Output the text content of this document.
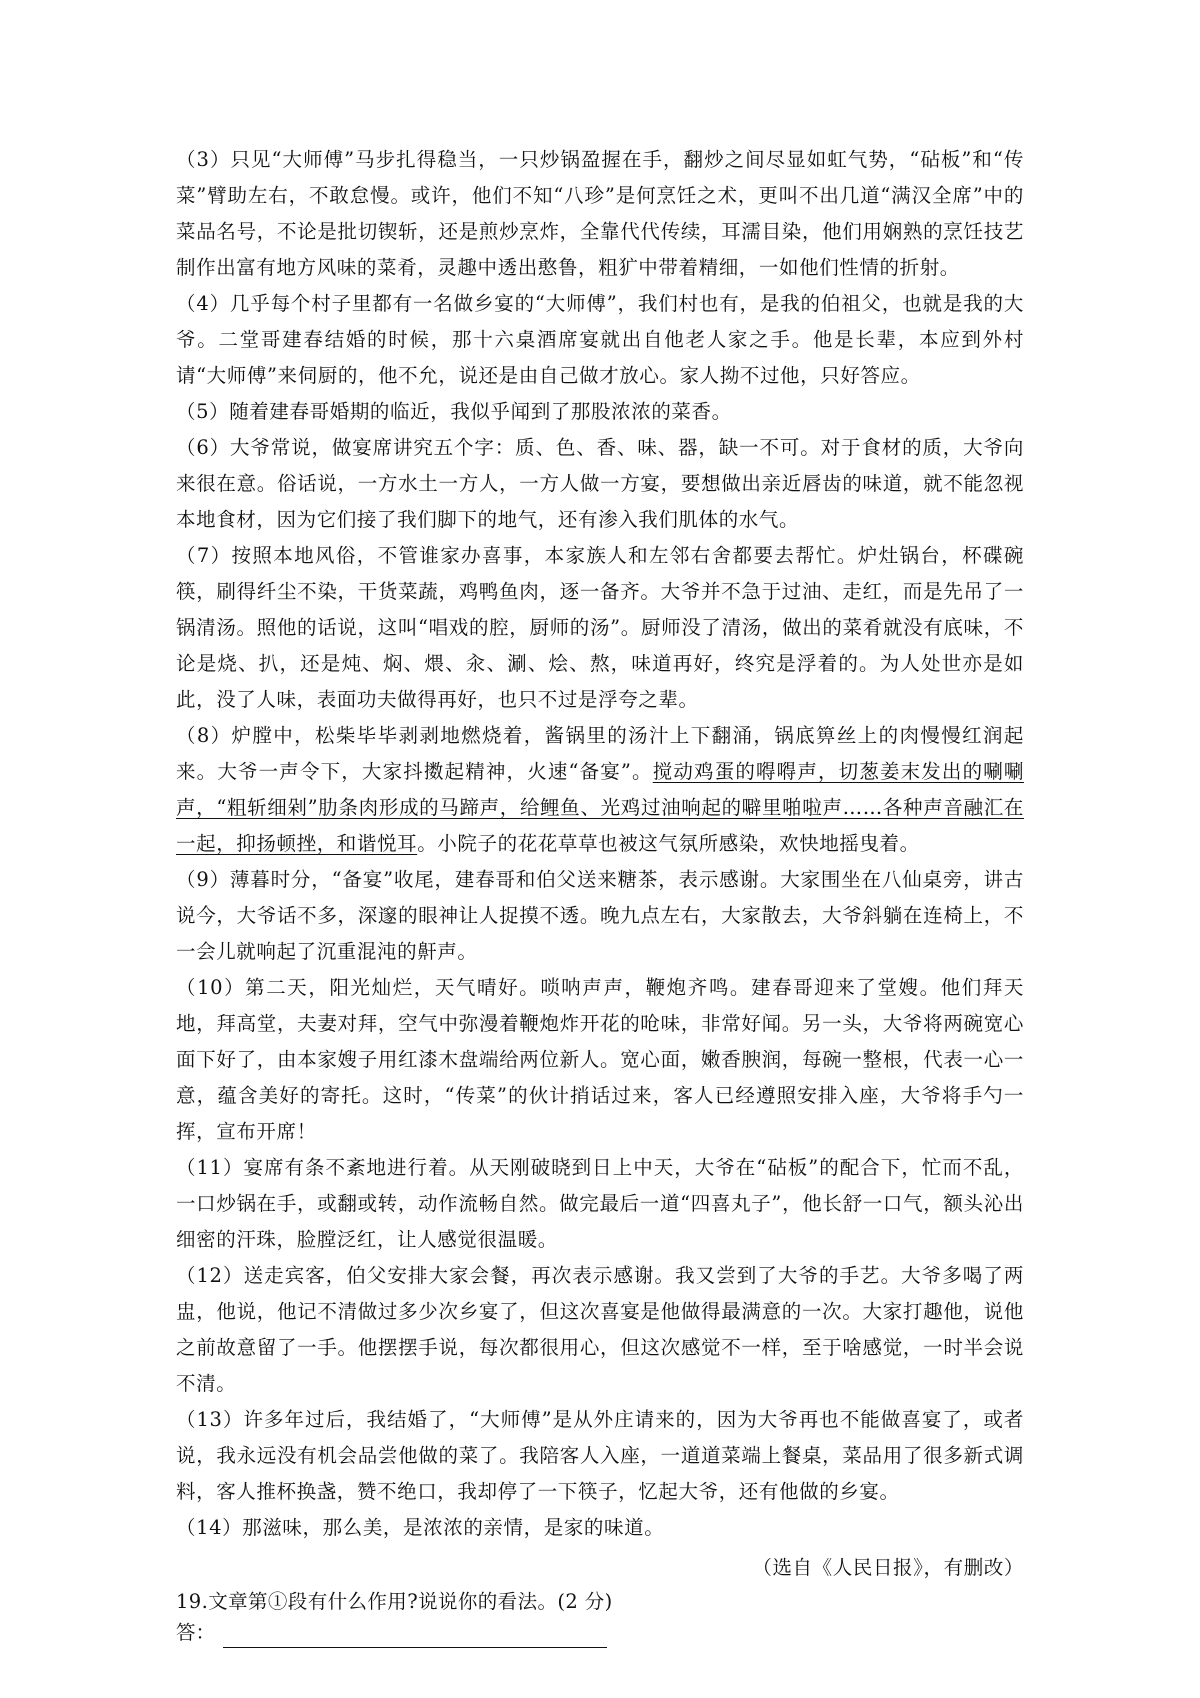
（3）只见“大师傅”马步扎得稳当，一只炒锅盈握在手，翻炒之间尽显如虹气势，“砧板”和“传菜”臂助左右，不敢怠慢。或许，他们不知“八珍”是何烹饪之术，更叫不出几道“满汉全席”中的菜品名号，不论是批切锲斩，还是煎炒烹炸，全靠代代传续，耳濡目染，他们用娴熟的烹饪技艺制作出富有地方风味的菜肴，灵趣中透出憨鲁，粗犷中带着精细，一如他们性情的折射。

（4）几乎每个村子里都有一名做乡宴的“大师傅”，我们村也有，是我的伯祖父，也就是我的大爷。二堂哥建春结婚的时候，那十六桌酒席宴就出自他老人家之手。他是长辈，本应到外村请“大师傅”来伺厨的，他不允，说还是由自己做才放心。家人拗不过他，只好答应。

（5）随着建春哥婚期的临近，我似乎闻到了那股浓浓的菜香。

（6）大爷常说，做宴席讲究五个字：质、色、香、味、器，缺一不可。对于食材的质，大爷向来很在意。俗话说，一方水土一方人，一方人做一方宴，要想做出亲近唇齿的味道，就不能忽视本地食材，因为它们接了我们脚下的地气，还有渗入我们肌体的水气。

（7）按照本地风俗，不管谁家办喜事，本家族人和左邻右舍都要去帮忙。炉灶锅台，杯碟碗筷，刷得纤尘不染，干货菜蔬，鸡鸭鱼肉，逐一备齐。大爷并不急于过油、走红，而是先吊了一锅清汤。照他的话说，这叫“唱戏的腔，厨师的汤”。厨师没了清汤，做出的菜肴就没有底味，不论是烧、扒，还是炖、焖、煨、汆、涮、烩、熬，味道再好，终究是浮着的。为人处世亦是如此，没了人味，表面功夫做得再好，也只不过是浮夸之辈。

（8）炉膛中，松柴毕毕剥剥地燃烧着，酱锅里的汤汁上下翻涌，锅底箅丝上的肉慢慢红润起来。大爷一声令下，大家抖擞起精神，火速“备宴”。搅动鸡蛋的嘚嘚声，切葱姜末发出的唰唰声，“粗斩细剁”肋条肉形成的马蹄声，给鲤鱼、光鸡过油响起的噼里啪啦声……各种声音融汇在一起，抑扬顿挫，和谐悦耳。小院子的花花草草也被这气氛所感染，欢快地摇曳着。

（9）薄暮时分，“备宴”收尾，建春哥和伯父送来糖茶，表示感谢。大家围坐在八仙桌旁，讲古说今，大爷话不多，深邃的眼神让人捉摸不透。晚九点左右，大家散去，大爷斜躺在连椅上，不一会儿就响起了沉重混沌的鼾声。

（10）第二天，阳光灿烂，天气晴好。唢呐声声，鞭炮齐鸣。建春哥迎来了堂嫂。他们拜天地，拜高堂，夫妻对拜，空气中弥漫着鞭炮炸开花的呛味，非常好闻。另一头，大爷将两碗宽心面下好了，由本家嫂子用红漆木盘端给两位新人。宽心面，嫩香腴润，每碗一整根，代表一心一意，蕴含美好的寄托。这时，“传菜”的伙计捎话过来，客人已经遵照安排入座，大爷将手勺一挥，宣布开席！

（11）宴席有条不紊地进行着。从天刚破晓到日上中天，大爷在“砧板”的配合下，忙而不乱，一口炒锅在手，或翻或转，动作流畅自然。做完最后一道“四喜丸子”，他长舒一口气，额头沁出细密的汗珠，脸膛泛红，让人感觉很温暖。

（12）送走宾客，伯父安排大家会餐，再次表示感谢。我又尝到了大爷的手艺。大爷多喝了两盅，他说，他记不清做过多少次乡宴了，但这次喜宴是他做得最满意的一次。大家打趣他，说他之前故意留了一手。他摆摆手说，每次都很用心，但这次感觉不一样，至于啥感觉，一时半会说不清。

（13）许多年过后，我结婚了，“大师傅”是从外庄请来的，因为大爷再也不能做喜宴了，或者说，我永远没有机会品尝他做的菜了。我陪客人入座，一道道菜端上餐桌，菜品用了很多新式调料，客人推杯换盏，赞不绝口，我却停了一下筷子，忆起大爷，还有他做的乡宴。

（14）那滋味，那么美，是浓浓的亲情，是家的味道。

（选自《人民日报》，有删改）

19.文章第①段有什么作用?说说你的看法。(2 分)

答：
